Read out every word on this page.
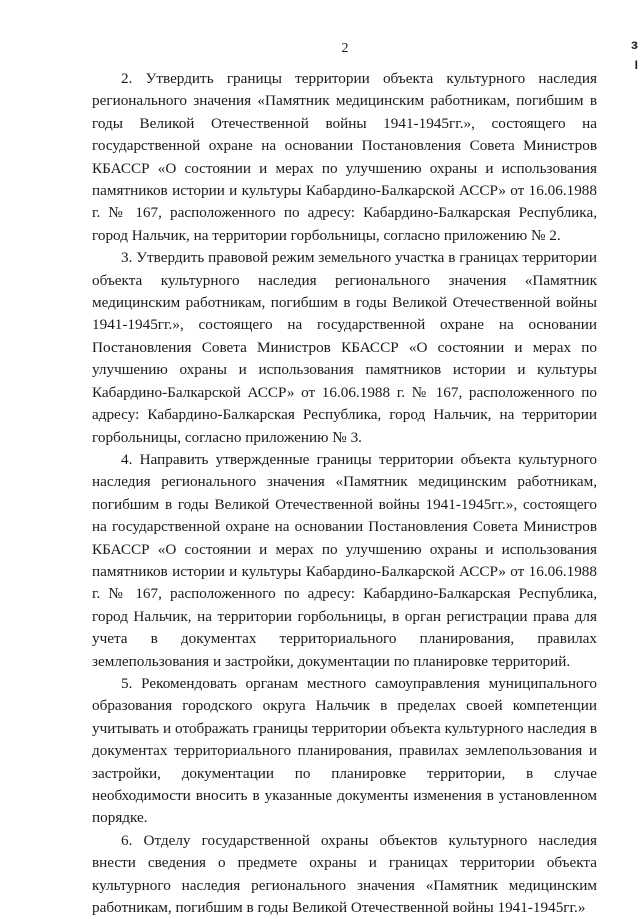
2	з
I

2. Утвердить границы территории объекта культурного наследия регионального значения «Памятник медицинским работникам, погибшим в годы Великой Отечественной войны 1941-1945гг.», состоящего на государственной охране на основании Постановления Совета Министров КБАССР «О состоянии и мерах по улучшению охраны и использования памятников истории и культуры Кабардино-Балкарской АССР» от 16.06.1988 г. № 167, расположенного по адресу: Кабардино-Балкарская Республика, город Нальчик, на территории горбольницы, согласно приложению № 2.

3. Утвердить правовой режим земельного участка в границах территории объекта культурного наследия регионального значения «Памятник медицинским работникам, погибшим в годы Великой Отечественной войны 1941-1945гг.», состоящего на государственной охране на основании Постановления Совета Министров КБАССР «О состоянии и мерах по улучшению охраны и использования памятников истории и культуры Кабардино-Балкарской АССР» от 16.06.1988 г. № 167, расположенного по адресу: Кабардино-Балкарская Республика, город Нальчик, на территории горбольницы, согласно приложению № 3.

4. Направить утвержденные границы территории объекта культурного наследия регионального значения «Памятник медицинским работникам, погибшим в годы Великой Отечественной войны 1941-1945гг.», состоящего на государственной охране на основании Постановления Совета Министров КБАССР «О состоянии и мерах по улучшению охраны и использования памятников истории и культуры Кабардино-Балкарской АССР» от 16.06.1988 г. № 167, расположенного по адресу: Кабардино-Балкарская Республика, город Нальчик, на территории горбольницы, в орган регистрации права для учета в документах территориального планирования, правилах землепользования и застройки, документации по планировке территорий.

5. Рекомендовать органам местного самоуправления муниципального образования городского округа Нальчик в пределах своей компетенции учитывать и отображать границы территории объекта культурного наследия в документах территориального планирования, правилах землепользования и застройки, документации по планировке территории, в случае необходимости вносить в указанные документы изменения в установленном порядке.

6. Отделу государственной охраны объектов культурного наследия внести сведения о предмете охраны и границах территории объекта культурного наследия регионального значения «Памятник медицинским работникам, погибшим в годы Великой Отечественной войны 1941-1945гг.»
